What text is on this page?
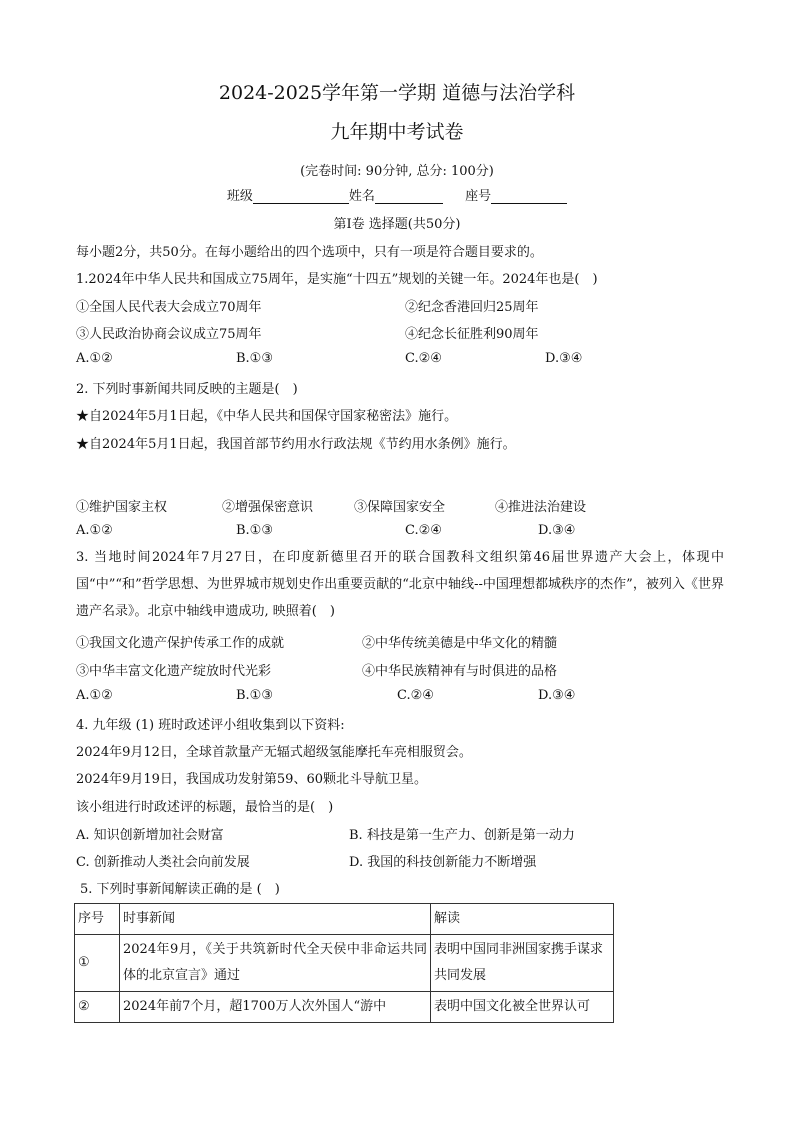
2024-2025学年第一学期 道德与法治学科
九年期中考试卷
(完卷时间: 90分钟, 总分: 100分)
班级	姓名	座号
第Ⅰ卷 选择题(共50分)
每小题2分，共50分。在每小题给出的四个选项中，只有一项是符合题目要求的。
1.2024年中华人民共和国成立75周年，是实施“十四五”规划的关键一年。2024年也是(　)
①全国人民代表大会成立70周年	②纪念香港回归25周年
③人民政治协商会议成立75周年	④纪念长征胜利90周年
A.①②	B.①③	C.②④	D.③④
2. 下列时事新闻共同反映的主题是(　)
★自2024年5月1日起，《中华人民共和国保守国家秘密法》施行。
★自2024年5月1日起，我国首部节约用水行政法规《节约用水条例》施行。
①维护国家主权	②增强保密意识	③保障国家安全	④推进法治建设
A.①②	B.①③	C.②④	D.③④
3. 当地时间2024年7月27日，在印度新德里召开的联合国教科文组织第46届世界遗产大会上，体现中国“中”“和”哲学思想、为世界城市规划史作出重要贡献的“北京中轴线--中国理想都城秩序的杰作”，被列入《世界遗产名录》。北京中轴线申遗成功, 映照着(　)
①我国文化遗产保护传承工作的成就	②中华传统美德是中华文化的精髓
③中华丰富文化遗产绽放时代光彩	④中华民族精神有与时俱进的品格
A.①②	B.①③	C.②④	D.③④
4. 九年级 (1) 班时政述评小组收集到以下资料:
2024年9月12日，全球首款量产无辐式超级氢能摩托车亮相服贸会。
2024年9月19日，我国成功发射第59、60颗北斗导航卫星。
该小组进行时政述评的标题，最恰当的是(　)
A. 知识创新增加社会财富	B. 科技是第一生产力、创新是第一动力
C. 创新推动人类社会向前发展	D. 我国的科技创新能力不断增强
5. 下列时事新闻解读正确的是 (　)
序号	时事新闻	解读
①	2024年9月，《关于共筑新时代全天侯中非命运共同体的北京宣言》通过	表明中国同非洲国家携手谋求共同发展
②	2024年前7个月，超1700万人次外国人“游中	表明中国文化被全世界认可
